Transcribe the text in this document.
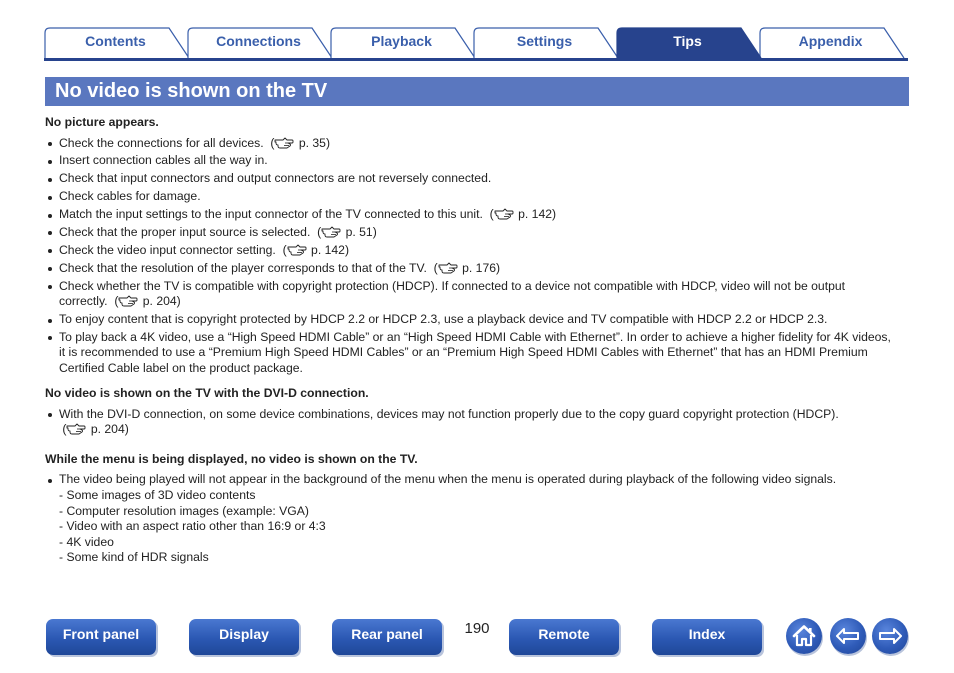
Contents	Connections	Playback	Settings	Tips	Appendix
No video is shown on the TV
No picture appears.
Check the connections for all devices. ( p. 35)
Insert connection cables all the way in.
Check that input connectors and output connectors are not reversely connected.
Check cables for damage.
Match the input settings to the input connector of the TV connected to this unit. ( p. 142)
Check that the proper input source is selected. ( p. 51)
Check the video input connector setting. ( p. 142)
Check that the resolution of the player corresponds to that of the TV. ( p. 176)
Check whether the TV is compatible with copyright protection (HDCP). If connected to a device not compatible with HDCP, video will not be output correctly. ( p. 204)
To enjoy content that is copyright protected by HDCP 2.2 or HDCP 2.3, use a playback device and TV compatible with HDCP 2.2 or HDCP 2.3.
To play back a 4K video, use a “High Speed HDMI Cable” or an “High Speed HDMI Cable with Ethernet”. In order to achieve a higher fidelity for 4K videos, it is recommended to use a “Premium High Speed HDMI Cables” or an “Premium High Speed HDMI Cables with Ethernet” that has an HDMI Premium Certified Cable label on the product package.
No video is shown on the TV with the DVI-D connection.
With the DVI-D connection, on some device combinations, devices may not function properly due to the copy guard copyright protection (HDCP).
( p. 204)
While the menu is being displayed, no video is shown on the TV.
The video being played will not appear in the background of the menu when the menu is operated during playback of the following video signals.
- Some images of 3D video contents
- Computer resolution images (example: VGA)
- Video with an aspect ratio other than 16:9 or 4:3
- 4K video
- Some kind of HDR signals
Front panel	Display	Rear panel	190	Remote	Index
